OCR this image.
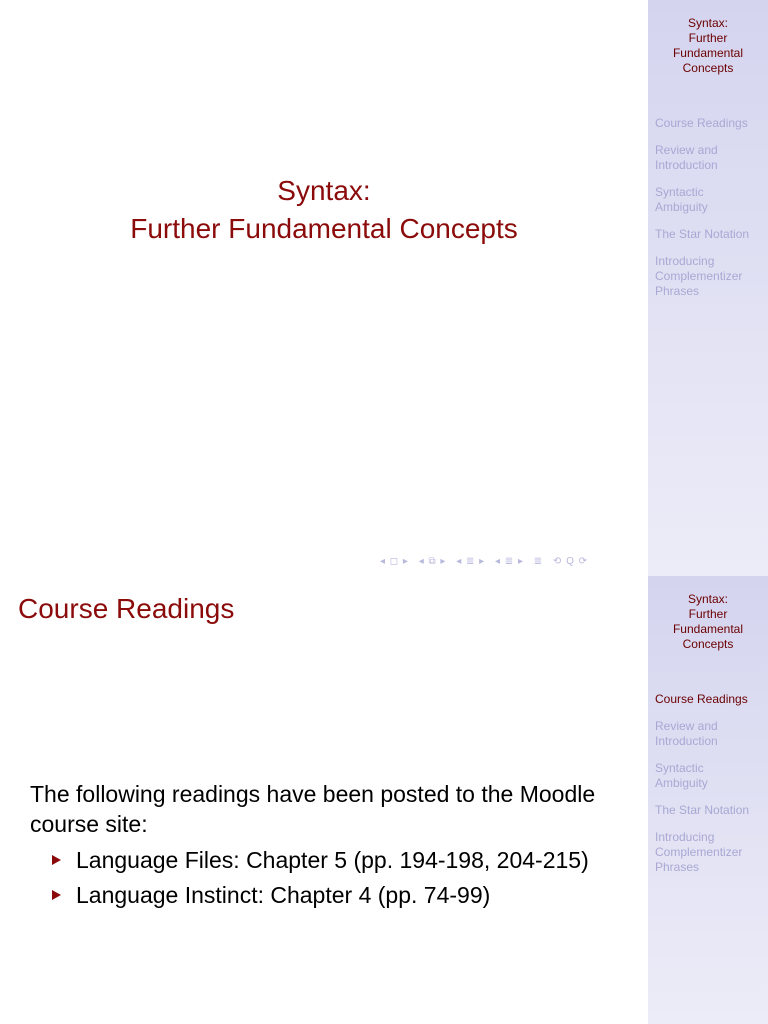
Syntax:
Further Fundamental Concepts
◂ ◻ ▸ ◂ ⧉ ▸ ◂ ≣ ▸ ◂ ≣ ▸ ≣ ⟲ Q ⟳
Syntax:
Further
Fundamental
Concepts
Course Readings
Review and
Introduction
Syntactic
Ambiguity
The Star Notation
Introducing
Complementizer
Phrases
Course Readings
The following readings have been posted to the Moodle course site:
Language Files: Chapter 5 (pp. 194-198, 204-215)
Language Instinct: Chapter 4 (pp. 74-99)
Syntax:
Further
Fundamental
Concepts
Course Readings
Review and
Introduction
Syntactic
Ambiguity
The Star Notation
Introducing
Complementizer
Phrases
